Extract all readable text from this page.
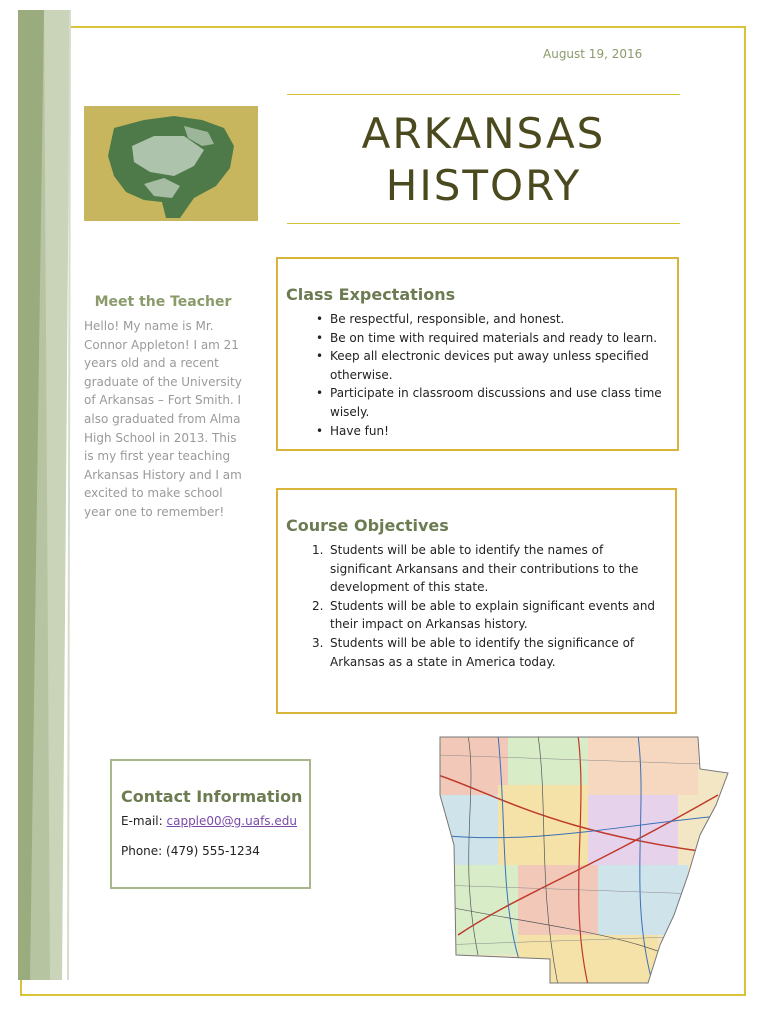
August 19, 2016
ARKANSAS
HISTORY
Meet the Teacher
Hello! My name is Mr. Connor Appleton! I am 21 years old and a recent graduate of the University of Arkansas – Fort Smith. I also graduated from Alma High School in 2013. This is my first year teaching Arkansas History and I am excited to make school year one to remember!
Class Expectations
• Be respectful, responsible, and honest.
• Be on time with required materials and ready to learn.
• Keep all electronic devices put away unless specified otherwise.
• Participate in classroom discussions and use class time wisely.
• Have fun!
Course Objectives
1. Students will be able to identify the names of significant Arkansans and their contributions to the development of this state.
2. Students will be able to explain significant events and their impact on Arkansas history.
3. Students will be able to identify the significance of Arkansas as a state in America today.
Contact Information
E-mail: capple00@g.uafs.edu
Phone: (479) 555-1234
